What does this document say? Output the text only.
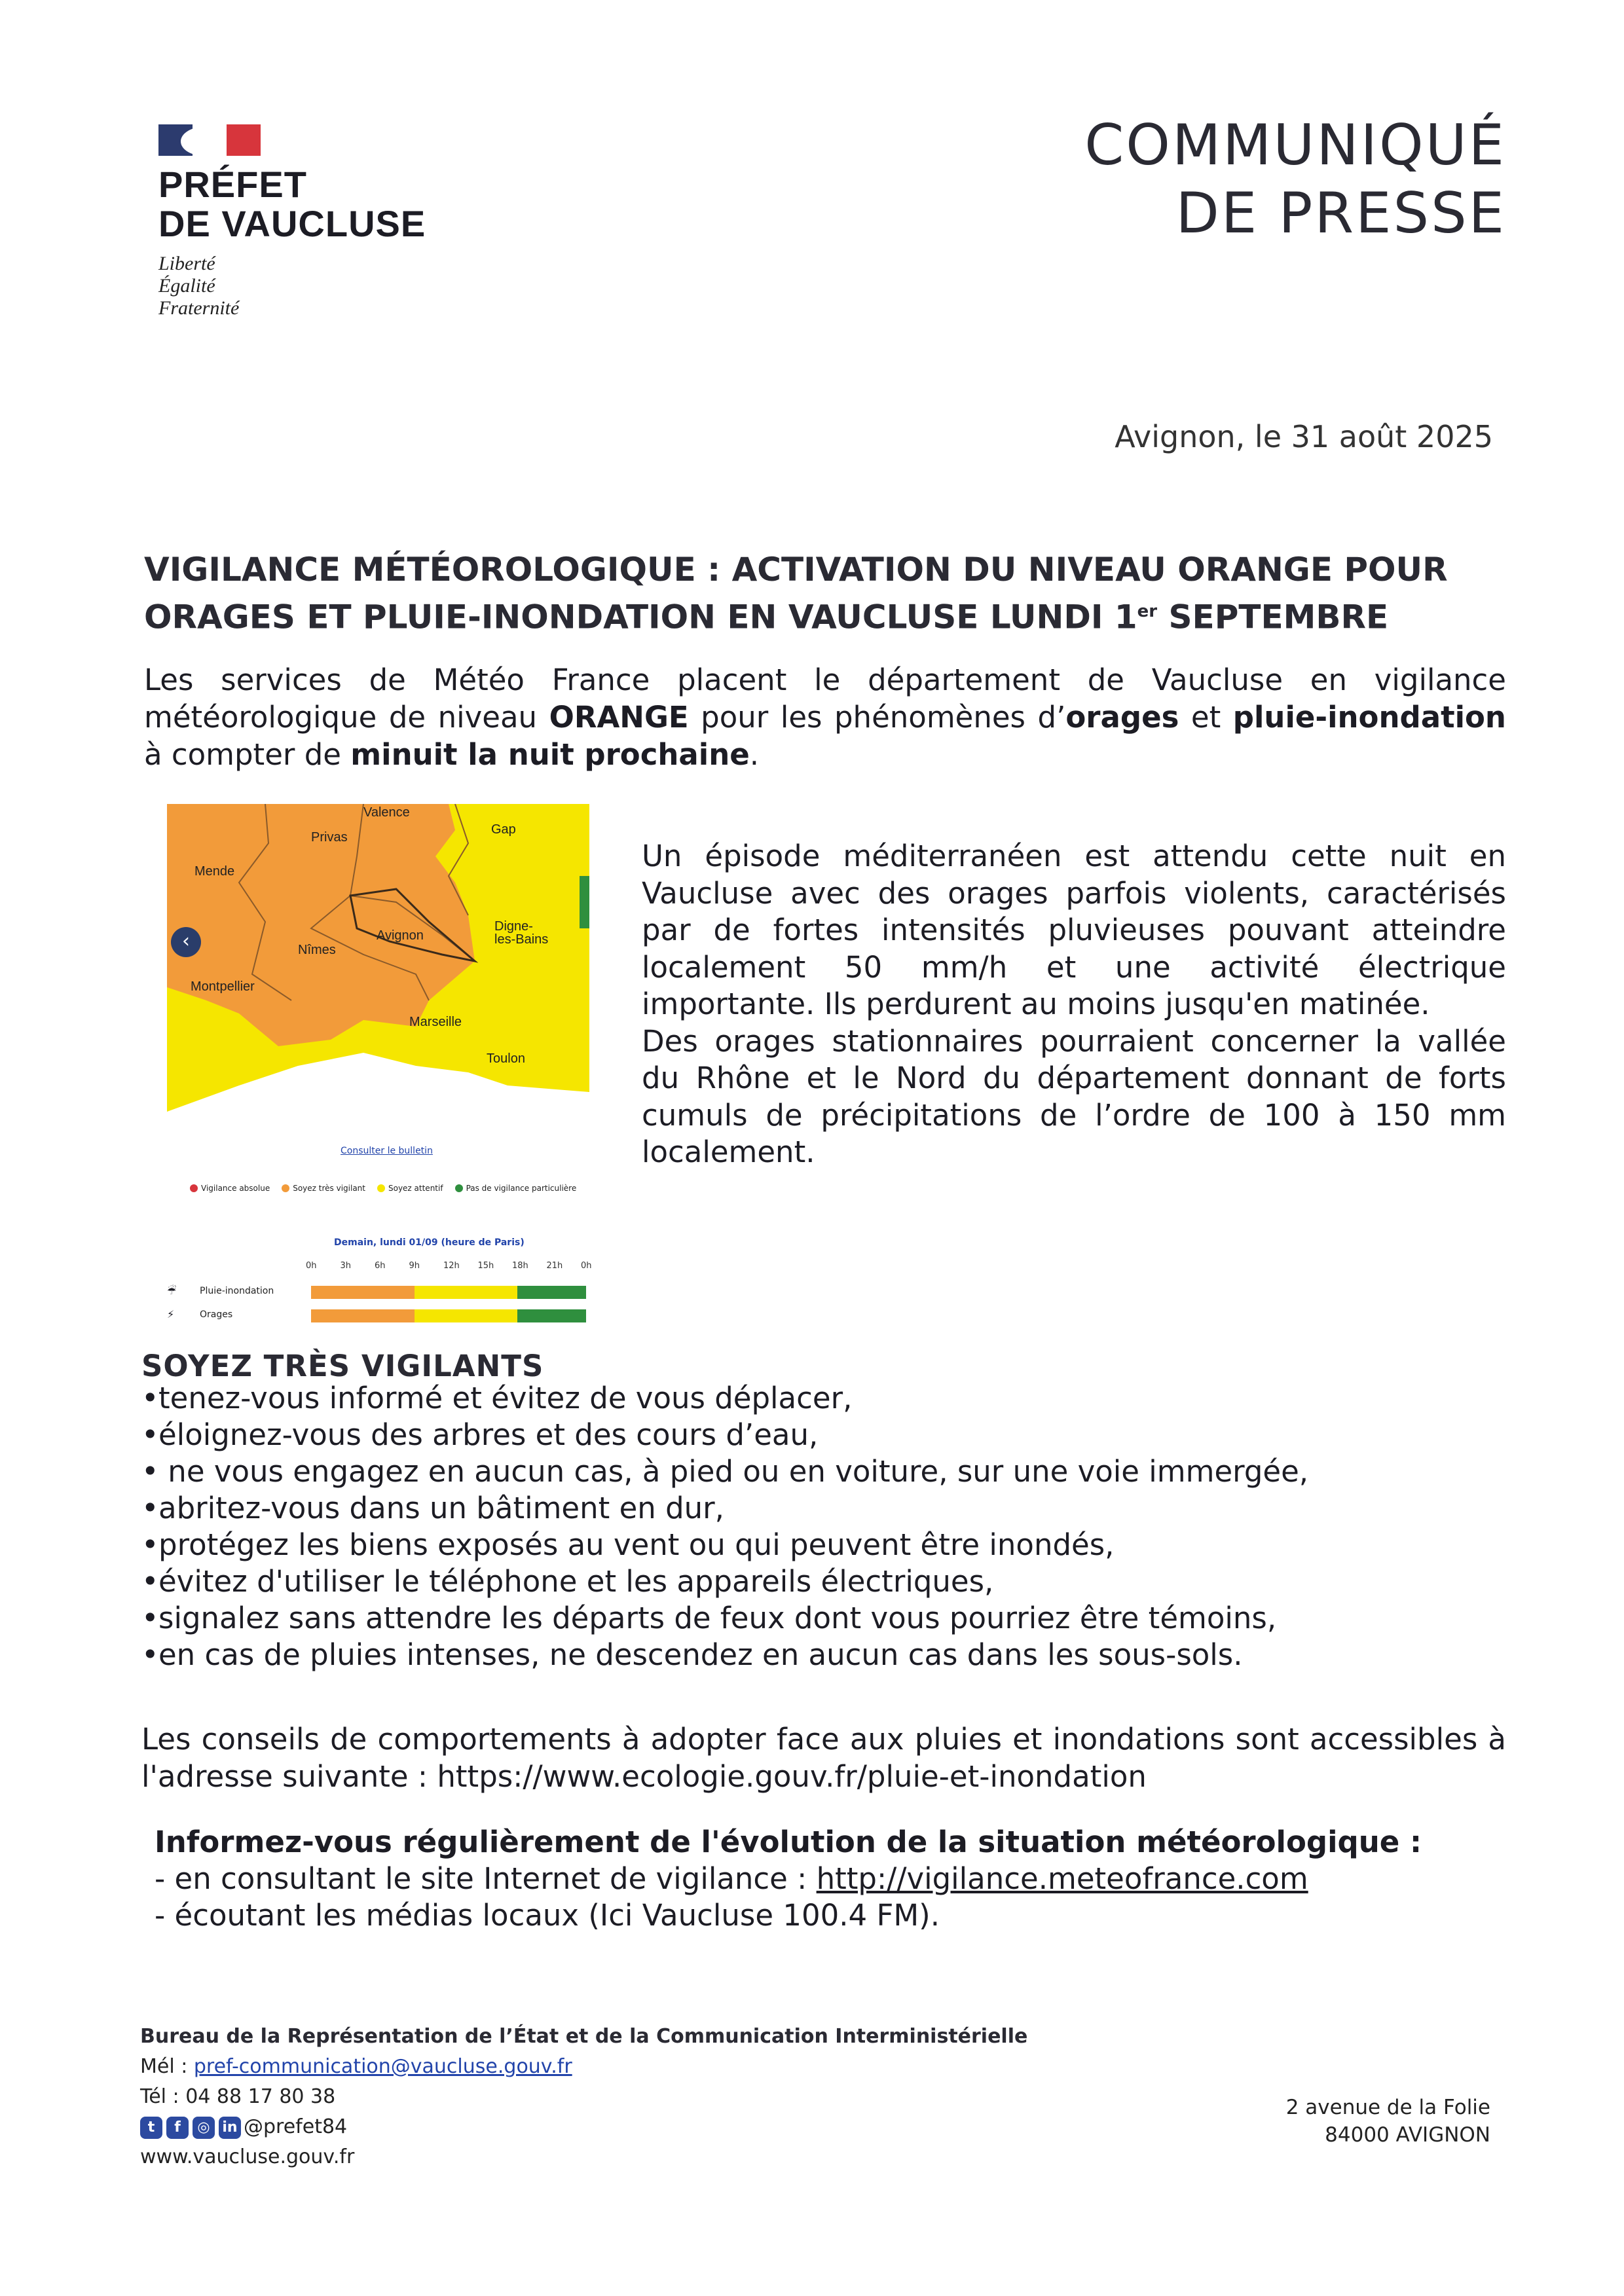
PRÉFET
DE VAUCLUSE
Liberté
Égalité
Fraternité
COMMUNIQUÉ
DE PRESSE
Avignon, le 31 août 2025
VIGILANCE MÉTÉOROLOGIQUE : ACTIVATION DU NIVEAU ORANGE POUR ORAGES ET PLUIE-INONDATION EN VAUCLUSE LUNDI 1er SEPTEMBRE
Les services de Météo France placent le département de Vaucluse en vigilance météorologique de niveau ORANGE pour les phénomènes d’orages et pluie-inondation à compter de minuit la nuit prochaine.
Valence
Privas
Gap
Mende
Avignon
Nîmes
Digne-
les-Bains
Montpellier
Marseille
Toulon
‹
Consulter le bulletin
Vigilance absolue	Soyez très vigilant	Soyez attentif	Pas de vigilance particulière
Demain, lundi 01/09 (heure de Paris)
0h	3h	6h	9h	12h 15h 18h 21h 0h
☔	Pluie-inondation
⚡	Orages
Un épisode méditerranéen est attendu cette nuit en Vaucluse avec des orages parfois violents, caractérisés par de fortes intensités pluvieuses pouvant atteindre localement 50 mm/h et une activité électrique importante. Ils perdurent au moins jusqu'en matinée.
Des orages stationnaires pourraient concerner la vallée du Rhône et le Nord du département donnant de forts cumuls de précipitations de l’ordre de 100 à 150 mm localement.
SOYEZ TRÈS VIGILANTS
•tenez-vous informé et évitez de vous déplacer,
•éloignez-vous des arbres et des cours d’eau,
• ne vous engagez en aucun cas, à pied ou en voiture, sur une voie immergée,
•abritez-vous dans un bâtiment en dur,
•protégez les biens exposés au vent ou qui peuvent être inondés,
•évitez d'utiliser le téléphone et les appareils électriques,
•signalez sans attendre les départs de feux dont vous pourriez être témoins,
•en cas de pluies intenses, ne descendez en aucun cas dans les sous-sols.
Les conseils de comportements à adopter face aux pluies et inondations sont accessibles à l'adresse suivante : https://www.ecologie.gouv.fr/pluie-et-inondation
Informez-vous régulièrement de l'évolution de la situation météorologique :
- en consultant le site Internet de vigilance : http://vigilance.meteofrance.com
- écoutant les médias locaux (Ici Vaucluse 100.4 FM).
Bureau de la Représentation de l’État et de la Communication Interministérielle
Mél : pref-communication@vaucluse.gouv.fr
Tél : 04 88 17 80 38
t	f	◎ in @prefet84
www.vaucluse.gouv.fr
2 avenue de la Folie
84000 AVIGNON
